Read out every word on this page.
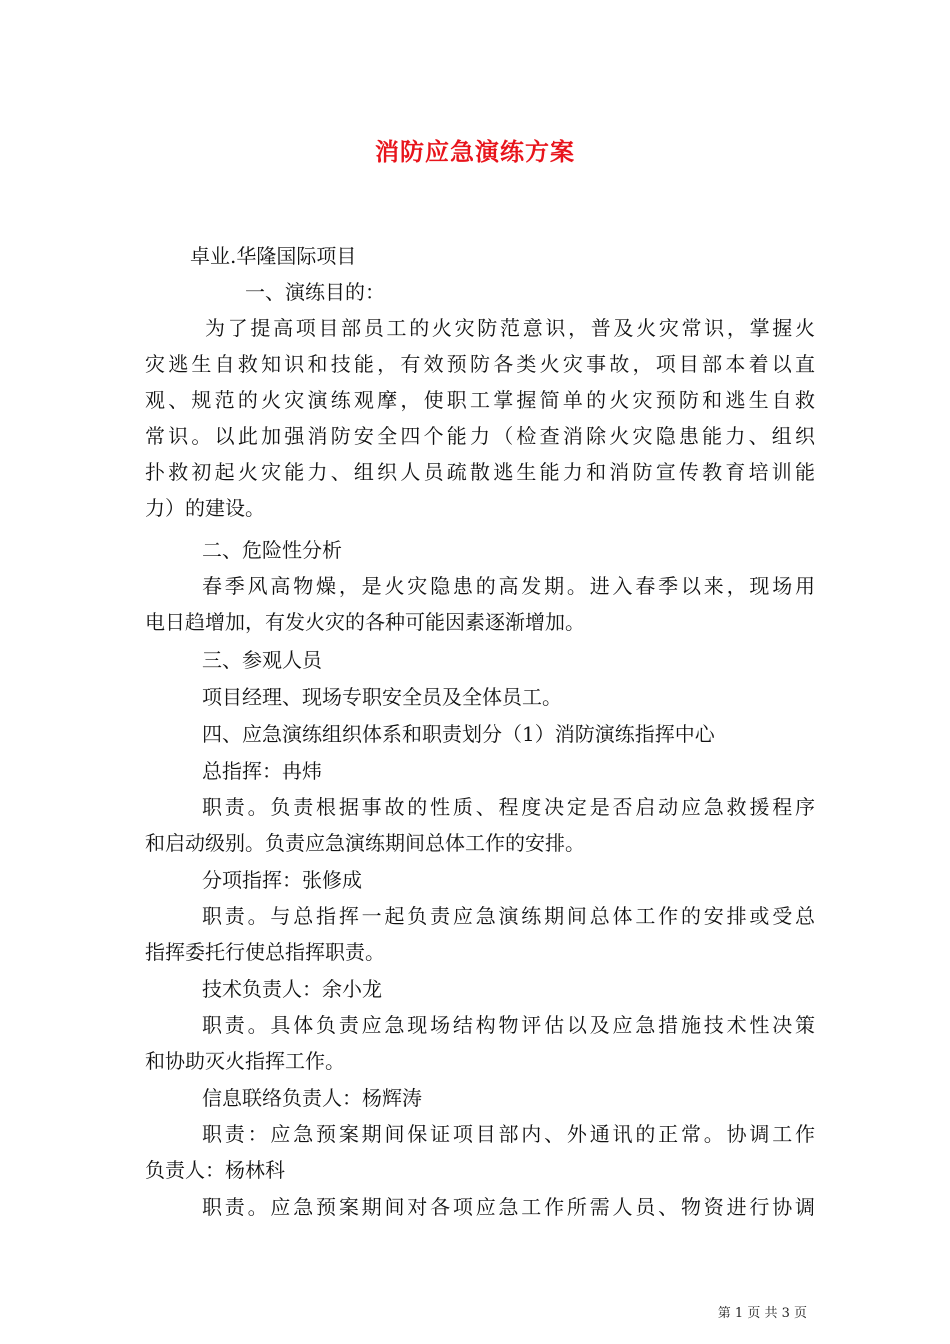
消防应急演练方案
卓业.华隆国际项目
一、演练目的：
为了提高项目部员工的火灾防范意识，普及火灾常识，掌握火
灾逃生自救知识和技能，有效预防各类火灾事故，项目部本着以直
观、规范的火灾演练观摩，使职工掌握简单的火灾预防和逃生自救
常识。以此加强消防安全四个能力（检查消除火灾隐患能力、组织
扑救初起火灾能力、组织人员疏散逃生能力和消防宣传教育培训能
力）的建设。
二、危险性分析
春季风高物燥，是火灾隐患的高发期。进入春季以来，现场用
电日趋增加，有发火灾的各种可能因素逐渐增加。
三、参观人员
项目经理、现场专职安全员及全体员工。
四、应急演练组织体系和职责划分（1）消防演练指挥中心
总指挥：冉炜
职责。负责根据事故的性质、程度决定是否启动应急救援程序
和启动级别。负责应急演练期间总体工作的安排。
分项指挥：张修成
职责。与总指挥一起负责应急演练期间总体工作的安排或受总
指挥委托行使总指挥职责。
技术负责人：余小龙
职责。具体负责应急现场结构物评估以及应急措施技术性决策
和协助灭火指挥工作。
信息联络负责人：杨辉涛
职责：应急预案期间保证项目部内、外通讯的正常。协调工作
负责人：杨林科
职责。应急预案期间对各项应急工作所需人员、物资进行协调
第 1 页 共 3 页
